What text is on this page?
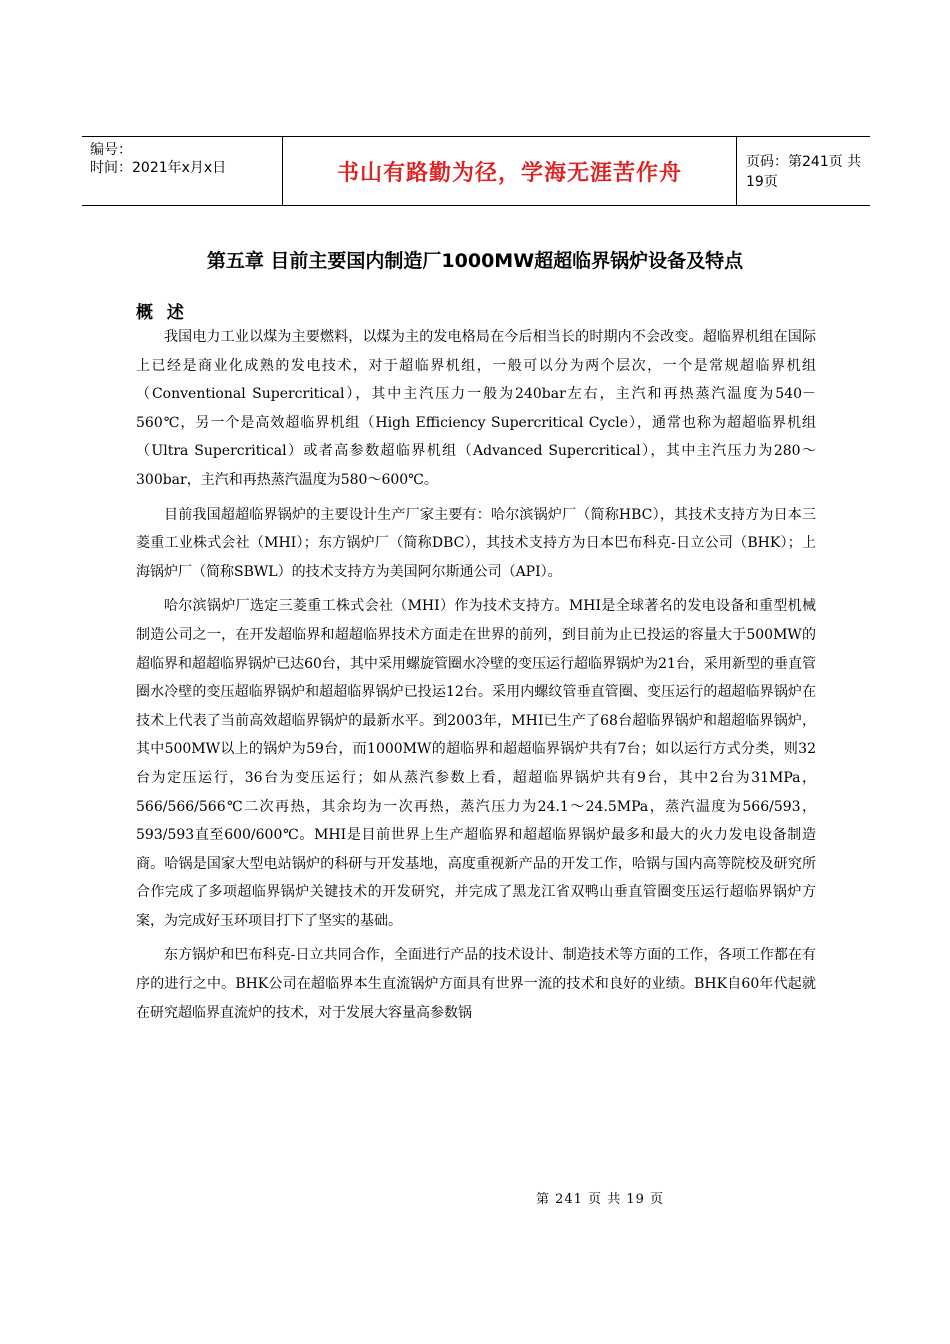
编号：
时间：2021年x月x日	书山有路勤为径，学海无涯苦作舟	页码：第241页 共19页
第五章 目前主要国内制造厂1000MW超超临界锅炉设备及特点
概 述

我国电力工业以煤为主要燃料，以煤为主的发电格局在今后相当长的时期内不会改变。超临界机组在国际上已经是商业化成熟的发电技术，对于超临界机组，一般可以分为两个层次，一个是常规超临界机组（Conventional Supercritical），其中主汽压力一般为240bar左右，主汽和再热蒸汽温度为540－560℃，另一个是高效超临界机组（High Efficiency Supercritical Cycle），通常也称为超超临界机组（Ultra Supercritical）或者高参数超临界机组（Advanced Supercritical），其中主汽压力为280～300bar，主汽和再热蒸汽温度为580～600℃。

目前我国超超临界锅炉的主要设计生产厂家主要有：哈尔滨锅炉厂（简称HBC），其技术支持方为日本三菱重工业株式会社（MHI）；东方锅炉厂（简称DBC），其技术支持方为日本巴布科克-日立公司（BHK）；上海锅炉厂（简称SBWL）的技术支持方为美国阿尔斯通公司（API）。

哈尔滨锅炉厂选定三菱重工株式会社（MHI）作为技术支持方。MHI是全球著名的发电设备和重型机械制造公司之一，在开发超临界和超超临界技术方面走在世界的前列，到目前为止已投运的容量大于500MW的超临界和超超临界锅炉已达60台，其中采用螺旋管圈水冷壁的变压运行超临界锅炉为21台，采用新型的垂直管圈水冷壁的变压超临界锅炉和超超临界锅炉已投运12台。采用内螺纹管垂直管圈、变压运行的超超临界锅炉在技术上代表了当前高效超临界锅炉的最新水平。到2003年，MHI已生产了68台超临界锅炉和超超临界锅炉，其中500MW以上的锅炉为59台，而1000MW的超临界和超超临界锅炉共有7台；如以运行方式分类，则32台为定压运行，36台为变压运行；如从蒸汽参数上看，超超临界锅炉共有9台，其中2台为31MPa，566/566/566℃二次再热，其余均为一次再热，蒸汽压力为24.1～24.5MPa，蒸汽温度为566/593，593/593直至600/600℃。MHI是目前世界上生产超临界和超超临界锅炉最多和最大的火力发电设备制造商。哈锅是国家大型电站锅炉的科研与开发基地，高度重视新产品的开发工作，哈锅与国内高等院校及研究所合作完成了多项超临界锅炉关键技术的开发研究，并完成了黑龙江省双鸭山垂直管圈变压运行超临界锅炉方案，为完成好玉环项目打下了坚实的基础。

东方锅炉和巴布科克-日立共同合作，全面进行产品的技术设计、制造技术等方面的工作，各项工作都在有序的进行之中。BHK公司在超临界本生直流锅炉方面具有世界一流的技术和良好的业绩。BHK自60年代起就在研究超临界直流炉的技术，对于发展大容量高参数锅

第 241 页 共 19 页
